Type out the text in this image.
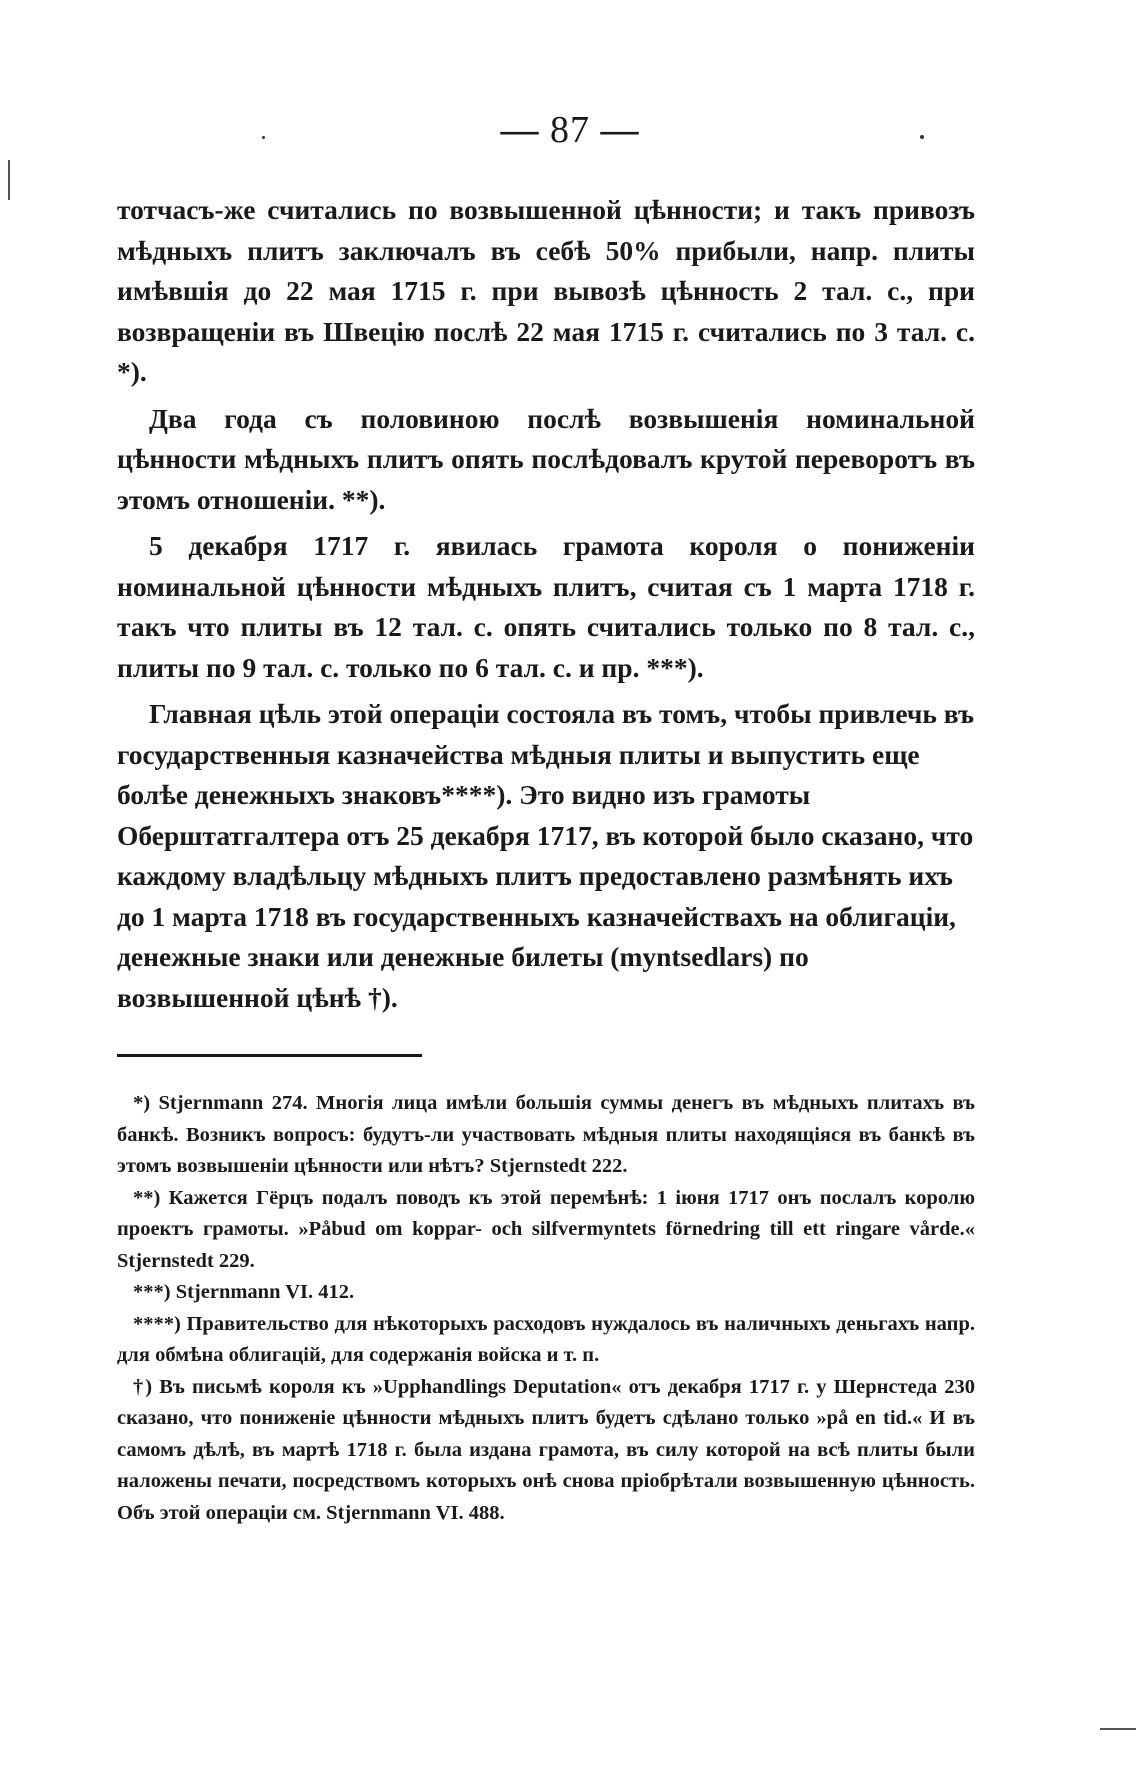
— 87 —

тотчасъ-же считались по возвышенной цѣнности; и такъ привозъ мѣдныхъ плитъ заключалъ въ себѣ 50% прибыли, напр. плиты имѣвшія до 22 мая 1715 г. при вывозѣ цѣнность 2 тал. с., при возвращеніи въ Швецію послѣ 22 мая 1715 г. считались по 3 тал. с. *).

Два года съ половиною послѣ возвышенія номинальной цѣнности мѣдныхъ плитъ опять послѣдовалъ крутой переворотъ въ этомъ отношеніи. **).

5 декабря 1717 г. явилась грамота короля о пониженіи номинальной цѣнности мѣдныхъ плитъ, считая съ 1 марта 1718 г. такъ что плиты въ 12 тал. с. опять считались только по 8 тал. с., плиты по 9 тал. с. только по 6 тал. с. и пр. ***).

Главная цѣль этой операціи состояла въ томъ, чтобы привлечь въ государственныя казначейства мѣдныя плиты и выпустить еще болѣе денежныхъ знаковъ****). Это видно изъ грамоты Оберштатгалтера отъ 25 декабря 1717, въ которой было сказано, что каждому владѣльцу мѣдныхъ плитъ предоставлено размѣнять ихъ до 1 марта 1718 въ государственныхъ казначействахъ на облигаціи, денежные знаки или денежные билеты (myntsedlars) по возвышенной цѣнѣ †).

*) Stjernmann 274. Многія лица имѣли большія суммы денегъ въ мѣдныхъ плитахъ въ банкѣ. Возникъ вопросъ: будутъ-ли участвовать мѣдныя плиты находящіяся въ банкѣ въ этомъ возвышеніи цѣнности или нѣтъ? Stjernstedt 222.

**) Кажется Гёрцъ подалъ поводъ къ этой перемѣнѣ: 1 іюня 1717 онъ послалъ королю проектъ грамоты. »Påbud om koppar- och silfvermyntets förnedring till ett ringare vårde.« Stjernstedt 229.

***) Stjernmann VI. 412.

****) Правительство для нѣкоторыхъ расходовъ нуждалось въ наличныхъ деньгахъ напр. для обмѣна облигацій, для содержанія войска и т. п.

†) Въ письмѣ короля къ »Upphandlings Deputation« отъ декабря 1717 г. у Шернстеда 230 сказано, что пониженіе цѣнности мѣдныхъ плитъ будетъ сдѣлано только »på en tid.« И въ самомъ дѣлѣ, въ мартѣ 1718 г. была издана грамота, въ силу которой на всѣ плиты были наложены печати, посредствомъ которыхъ онѣ снова пріобрѣтали возвышенную цѣнность. Объ этой операціи см. Stjernmann VI. 488.
